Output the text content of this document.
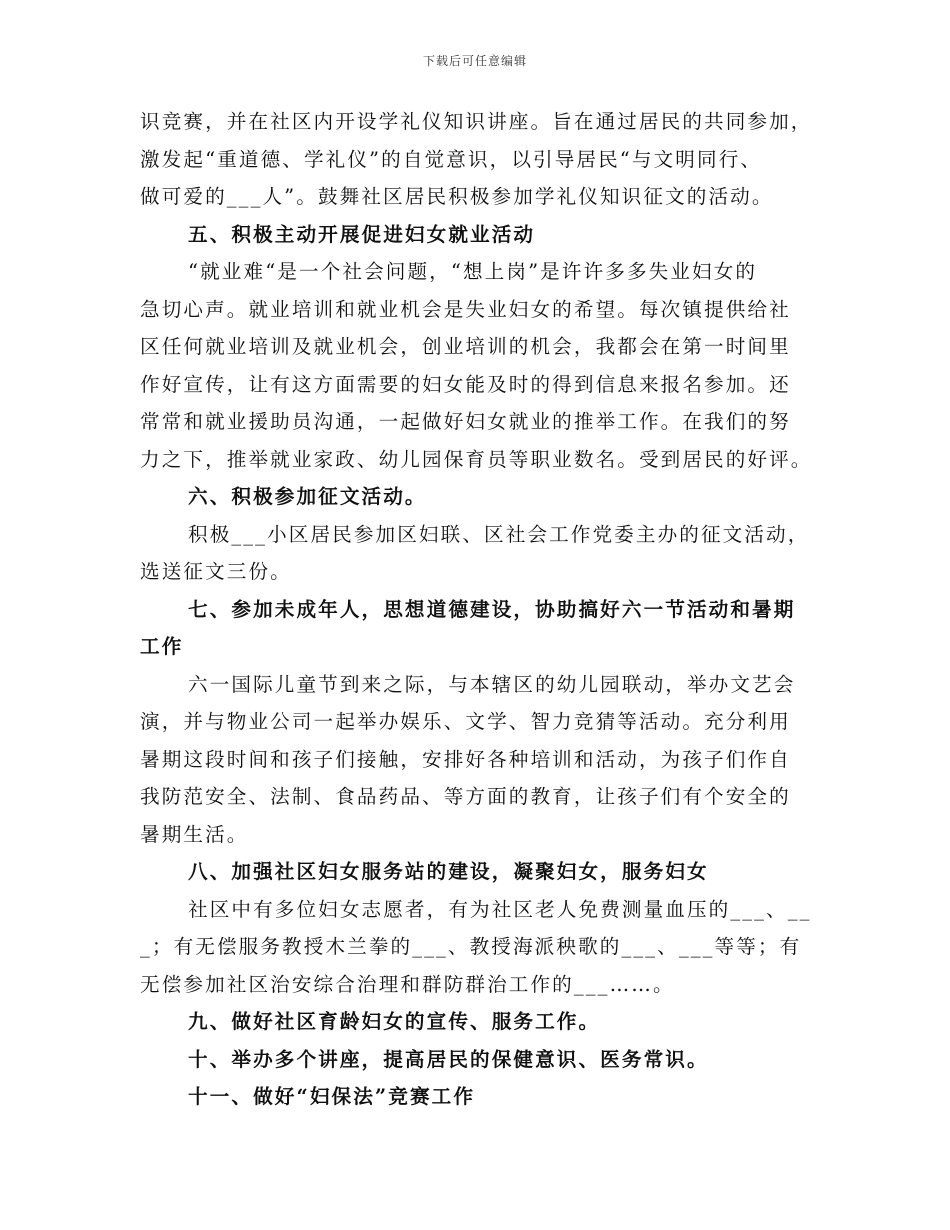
下载后可任意编辑
识竞赛，并在社区内开设学礼仪知识讲座。旨在通过居民的共同参加，
激发起“重道德、学礼仪”的自觉意识，以引导居民“与文明同行、
做可爱的___人”。鼓舞社区居民积极参加学礼仪知识征文的活动。
五、积极主动开展促进妇女就业活动
“就业难“是一个社会问题，“想上岗”是许许多多失业妇女的
急切心声。就业培训和就业机会是失业妇女的希望。每次镇提供给社
区任何就业培训及就业机会，创业培训的机会，我都会在第一时间里
作好宣传，让有这方面需要的妇女能及时的得到信息来报名参加。还
常常和就业援助员沟通，一起做好妇女就业的推举工作。在我们的努
力之下，推举就业家政、幼儿园保育员等职业数名。受到居民的好评。
六、积极参加征文活动。
积极___小区居民参加区妇联、区社会工作党委主办的征文活动，
选送征文三份。
七、参加未成年人，思想道德建设，协助搞好六一节活动和暑期
工作
六一国际儿童节到来之际，与本辖区的幼儿园联动，举办文艺会
演，并与物业公司一起举办娱乐、文学、智力竞猜等活动。充分利用
暑期这段时间和孩子们接触，安排好各种培训和活动，为孩子们作自
我防范安全、法制、食品药品、等方面的教育，让孩子们有个安全的
暑期生活。
八、加强社区妇女服务站的建设，凝聚妇女，服务妇女
社区中有多位妇女志愿者，有为社区老人免费测量血压的___、__
_；有无偿服务教授木兰拳的___、教授海派秧歌的___、___等等；有
无偿参加社区治安综合治理和群防群治工作的___……。
九、做好社区育龄妇女的宣传、服务工作。
十、举办多个讲座，提高居民的保健意识、医务常识。
十一、做好“妇保法”竞赛工作
